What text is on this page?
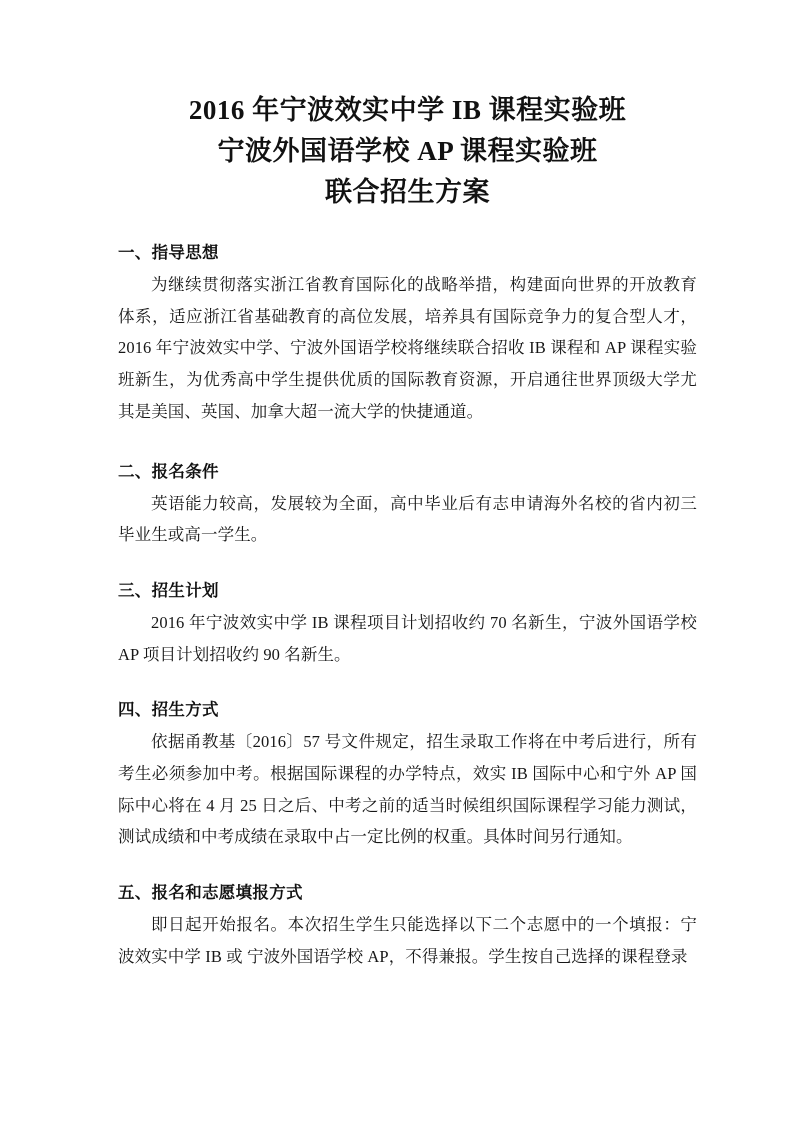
2016 年宁波效实中学 IB 课程实验班
宁波外国语学校 AP 课程实验班
联合招生方案

一、指导思想

为继续贯彻落实浙江省教育国际化的战略举措，构建面向世界的开放教育体系，适应浙江省基础教育的高位发展，培养具有国际竞争力的复合型人才，2016 年宁波效实中学、宁波外国语学校将继续联合招收 IB 课程和 AP 课程实验班新生，为优秀高中学生提供优质的国际教育资源，开启通往世界顶级大学尤其是美国、英国、加拿大超一流大学的快捷通道。

二、报名条件

英语能力较高，发展较为全面，高中毕业后有志申请海外名校的省内初三毕业生或高一学生。

三、招生计划

2016 年宁波效实中学 IB 课程项目计划招收约 70 名新生，宁波外国语学校 AP 项目计划招收约 90 名新生。

四、招生方式

依据甬教基〔2016〕57 号文件规定，招生录取工作将在中考后进行，所有考生必须参加中考。根据国际课程的办学特点，效实 IB 国际中心和宁外 AP 国际中心将在 4 月 25 日之后、中考之前的适当时候组织国际课程学习能力测试，测试成绩和中考成绩在录取中占一定比例的权重。具体时间另行通知。

五、报名和志愿填报方式

即日起开始报名。本次招生学生只能选择以下二个志愿中的一个填报：宁波效实中学 IB 或 宁波外国语学校 AP，不得兼报。学生按自己选择的课程登录
